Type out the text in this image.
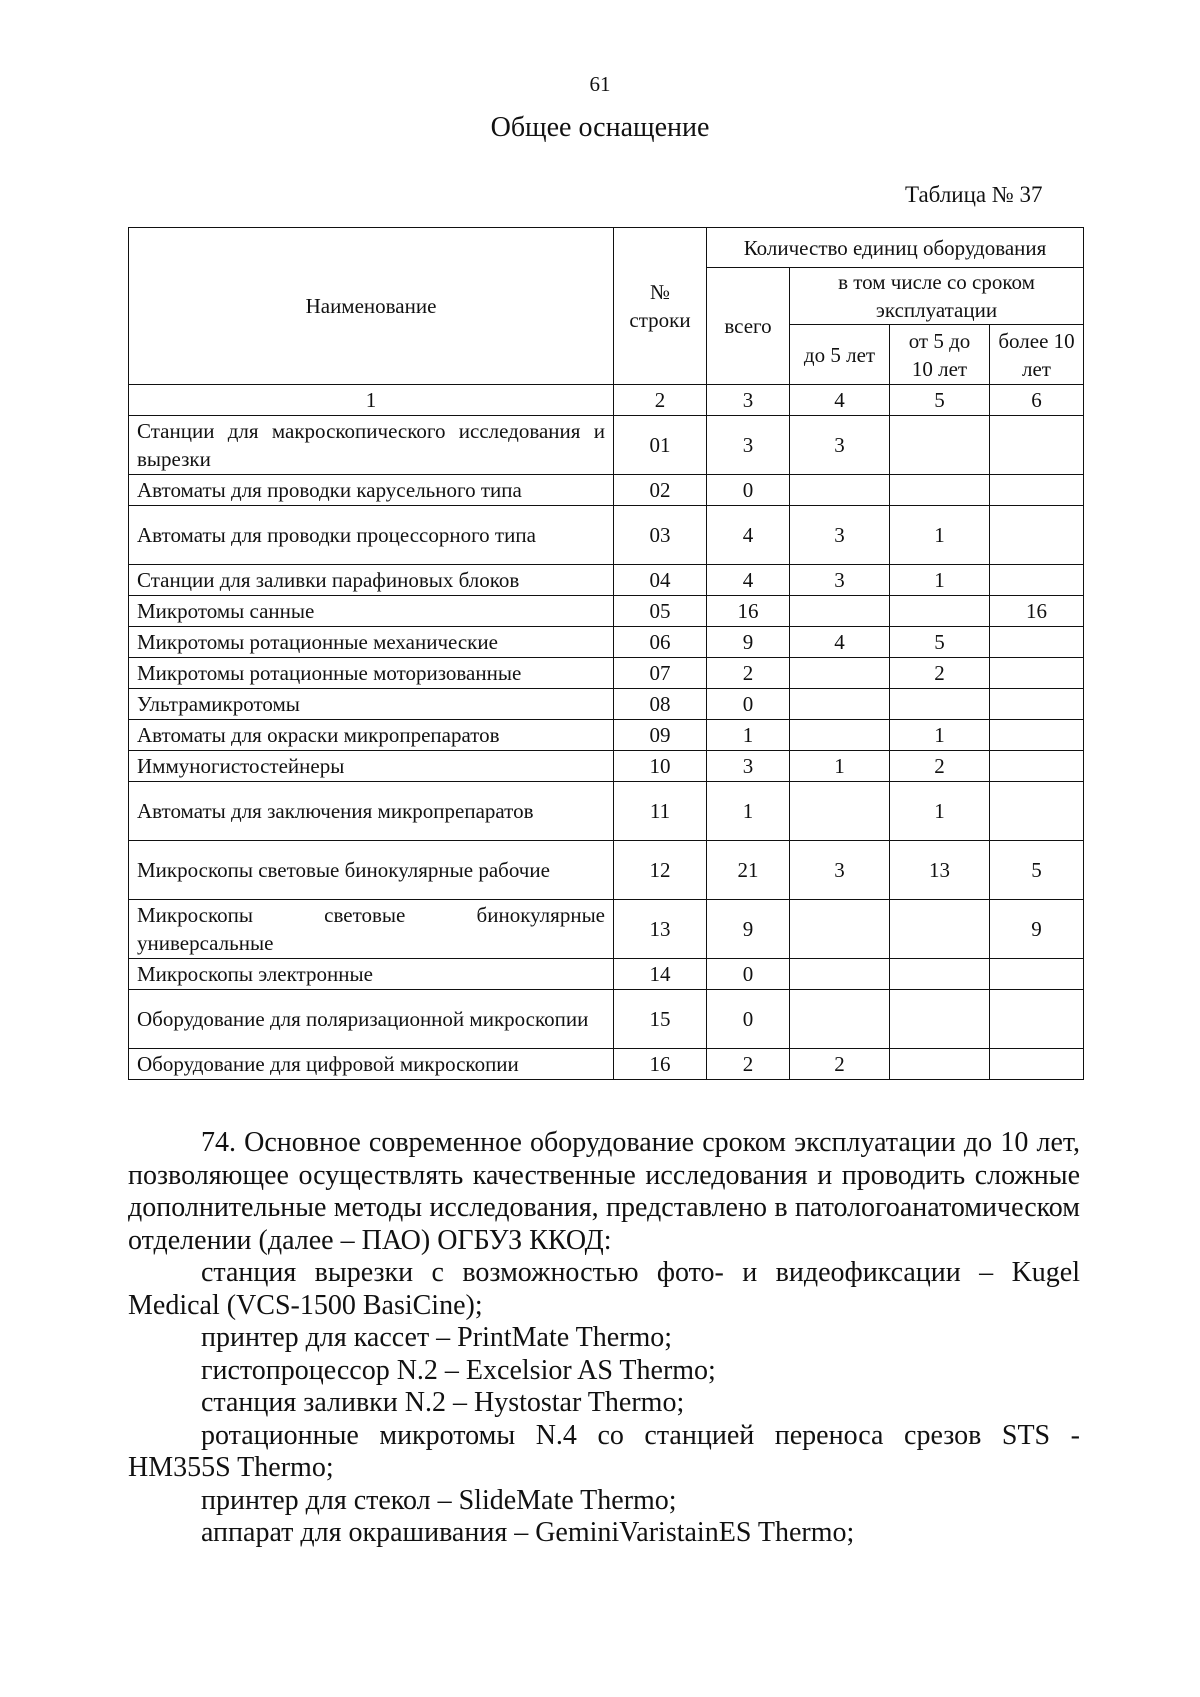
61
Общее оснащение
Таблица № 37
Наименование	№ строки	Количество единиц оборудования			
		всего	в том числе со сроком эксплуатации		
			до 5 лет	от 5 до 10 лет	более 10 лет
1	2	3	4	5	6
Станции для макроскопического исследования и вырезки	01	3	3		
Автоматы для проводки карусельного типа	02	0			
Автоматы для проводки процессорного типа	03	4	3	1	
Станции для заливки парафиновых блоков	04	4	3	1	
Микротомы санные	05	16			16
Микротомы ротационные механические	06	9	4	5	
Микротомы ротационные моторизованные	07	2		2	
Ультрамикротомы	08	0			
Автоматы для окраски микропрепаратов	09	1		1	
Иммуногистостейнеры	10	3	1	2	
Автоматы для заключения микропрепаратов	11	1		1	
Микроскопы световые бинокулярные рабочие	12	21	3	13	5
Микроскопы световые бинокулярные универсальные	13	9			9
Микроскопы электронные	14	0			
Оборудование для поляризационной микроскопии	15	0			
Оборудование для цифровой микроскопии	16	2	2		

74. Основное современное оборудование сроком эксплуатации до 10 лет, позволяющее осуществлять качественные исследования и проводить сложные дополнительные методы исследования, представлено в патологоанатомическом отделении (далее – ПАО) ОГБУЗ ККОД:

станция вырезки с возможностью фото- и видеофиксации – Kugel Medical (VCS-1500 BasiCine);

принтер для кассет – PrintMate Thermo;

гистопроцессор N.2 – Excelsior AS Thermo;

станция заливки N.2 – Hystostar Thermo;

ротационные микротомы N.4 со станцией переноса срезов STS - HM355S Thermo;

принтер для стекол – SlideMate Thermo;

аппарат для окрашивания – GeminiVaristainES Thermo;
